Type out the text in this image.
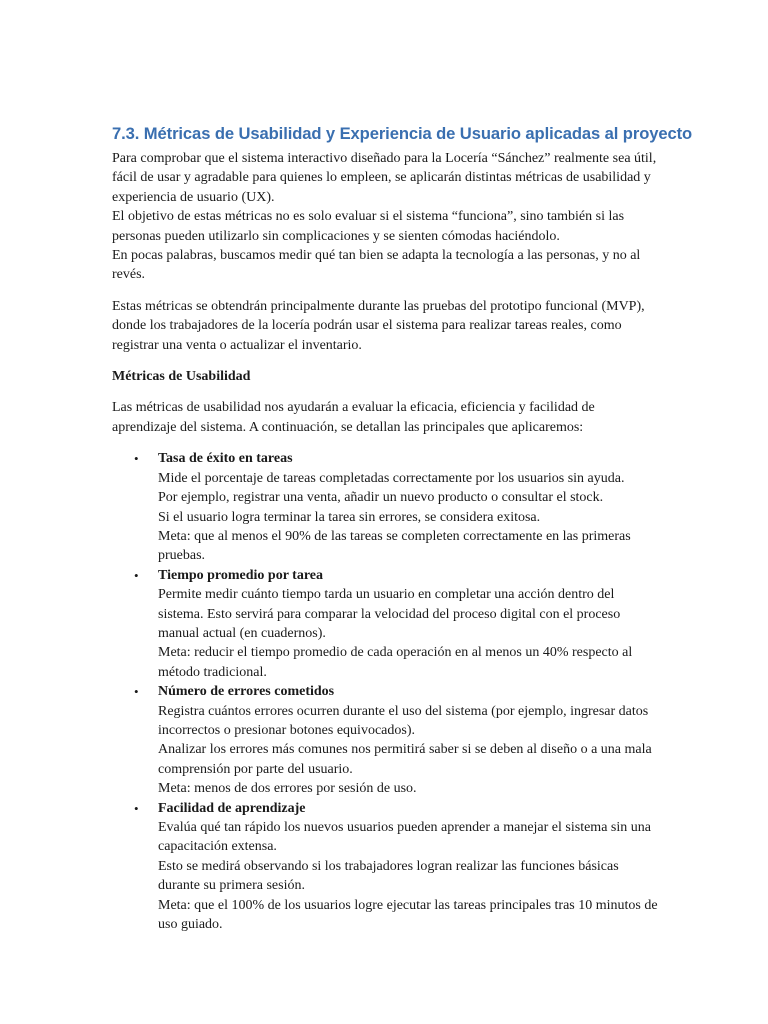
7.3. Métricas de Usabilidad y Experiencia de Usuario aplicadas al proyecto

Para comprobar que el sistema interactivo diseñado para la Locería “Sánchez” realmente sea útil, fácil de usar y agradable para quienes lo empleen, se aplicarán distintas métricas de usabilidad y experiencia de usuario (UX).

El objetivo de estas métricas no es solo evaluar si el sistema “funciona”, sino también si las personas pueden utilizarlo sin complicaciones y se sienten cómodas haciéndolo.

En pocas palabras, buscamos medir qué tan bien se adapta la tecnología a las personas, y no al revés.

Estas métricas se obtendrán principalmente durante las pruebas del prototipo funcional (MVP), donde los trabajadores de la locería podrán usar el sistema para realizar tareas reales, como registrar una venta o actualizar el inventario.

Métricas de Usabilidad

Las métricas de usabilidad nos ayudarán a evaluar la eficacia, eficiencia y facilidad de aprendizaje del sistema. A continuación, se detallan las principales que aplicaremos:

• Tasa de éxito en tareas
Mide el porcentaje de tareas completadas correctamente por los usuarios sin ayuda.
Por ejemplo, registrar una venta, añadir un nuevo producto o consultar el stock.
Si el usuario logra terminar la tarea sin errores, se considera exitosa.
Meta: que al menos el 90% de las tareas se completen correctamente en las primeras pruebas.
• Tiempo promedio por tarea
Permite medir cuánto tiempo tarda un usuario en completar una acción dentro del sistema. Esto servirá para comparar la velocidad del proceso digital con el proceso manual actual (en cuadernos).
Meta: reducir el tiempo promedio de cada operación en al menos un 40% respecto al método tradicional.
• Número de errores cometidos
Registra cuántos errores ocurren durante el uso del sistema (por ejemplo, ingresar datos incorrectos o presionar botones equivocados).
Analizar los errores más comunes nos permitirá saber si se deben al diseño o a una mala comprensión por parte del usuario.
Meta: menos de dos errores por sesión de uso.
• Facilidad de aprendizaje
Evalúa qué tan rápido los nuevos usuarios pueden aprender a manejar el sistema sin una capacitación extensa.
Esto se medirá observando si los trabajadores logran realizar las funciones básicas durante su primera sesión.
Meta: que el 100% de los usuarios logre ejecutar las tareas principales tras 10 minutos de uso guiado.
